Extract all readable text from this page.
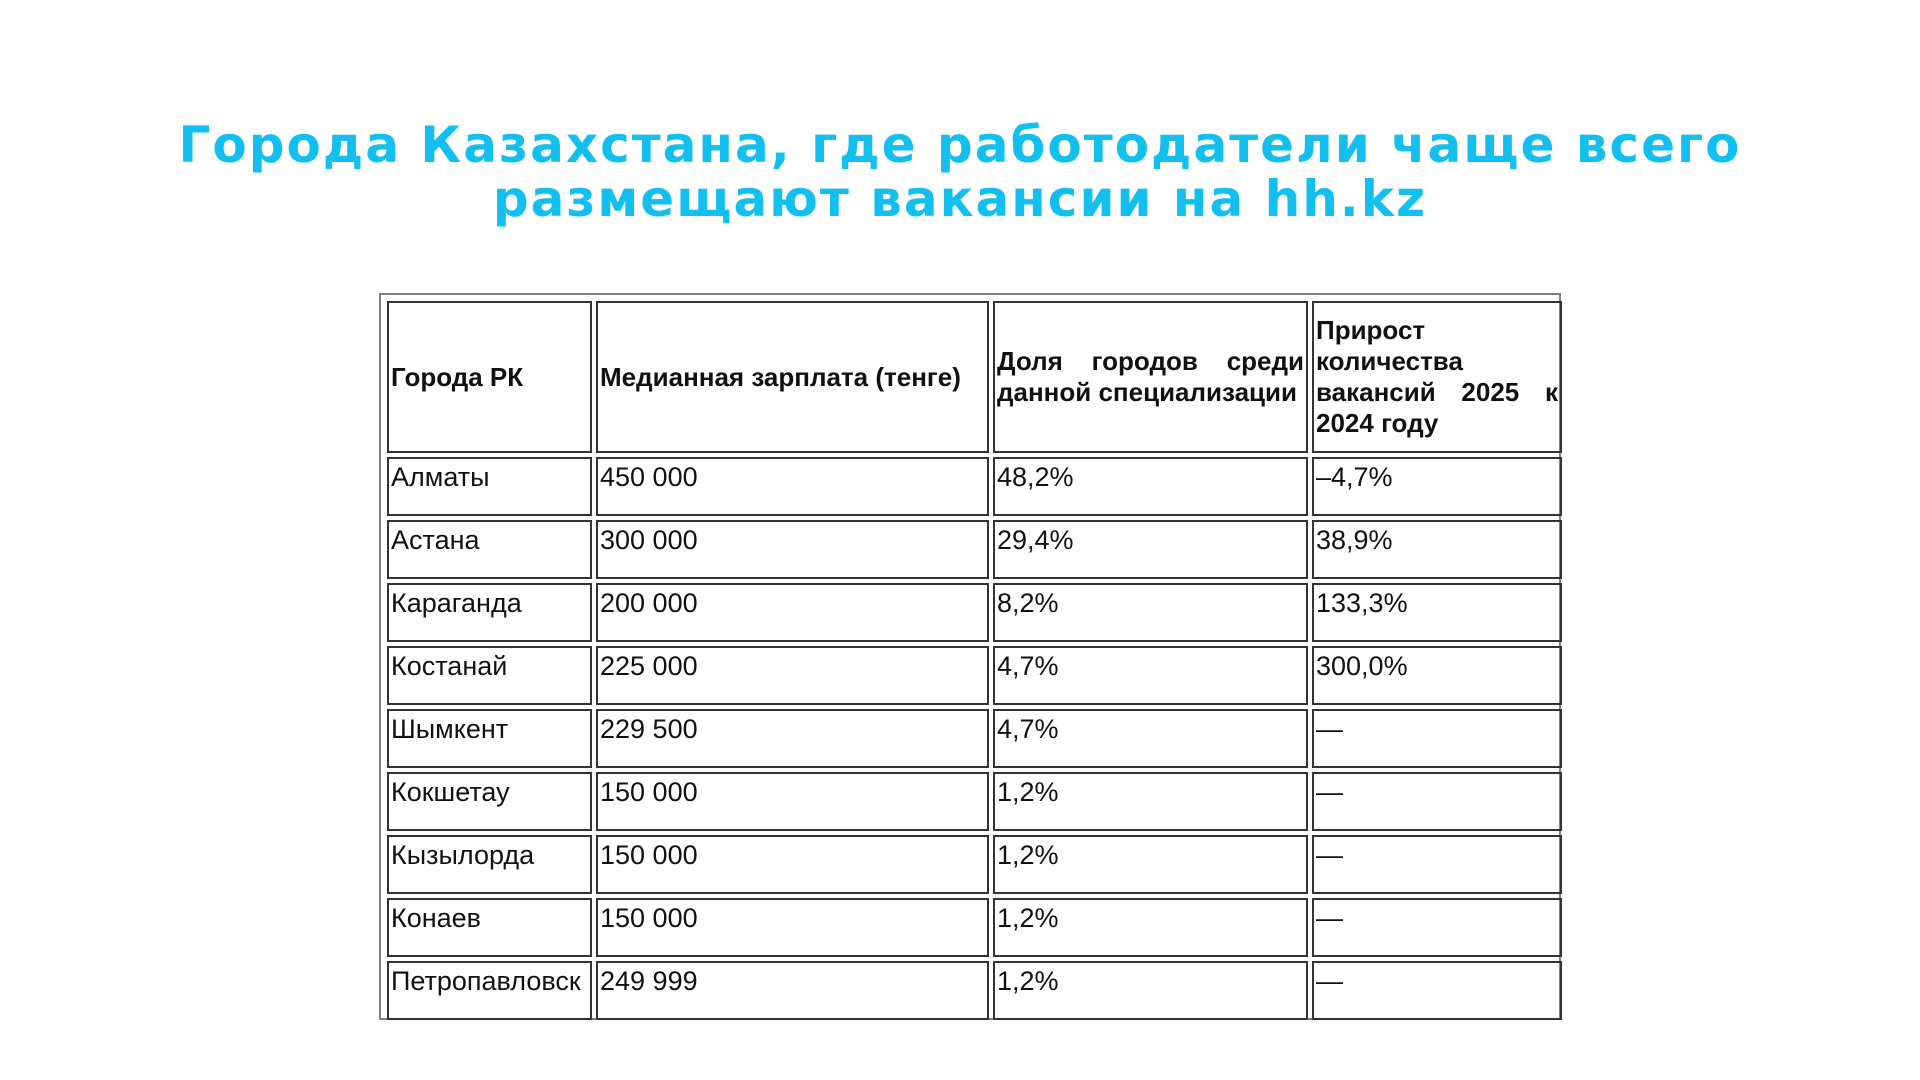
Города Казахстана, где работодатели чаще всего
размещают вакансии на hh.kz
Города РК	Медианная зарплата (тенге)	Доля городов среди данной специализации	Прирост количества вакансий 2025 к 2024 году
Алматы	450 000	48,2%	–4,7%
Астана	300 000	29,4%	38,9%
Караганда	200 000	8,2%	133,3%
Костанай	225 000	4,7%	300,0%
Шымкент	229 500	4,7%	—
Кокшетау	150 000	1,2%	—
Кызылорда	150 000	1,2%	—
Конаев	150 000	1,2%	—
Петропавловск	249 999	1,2%	—
